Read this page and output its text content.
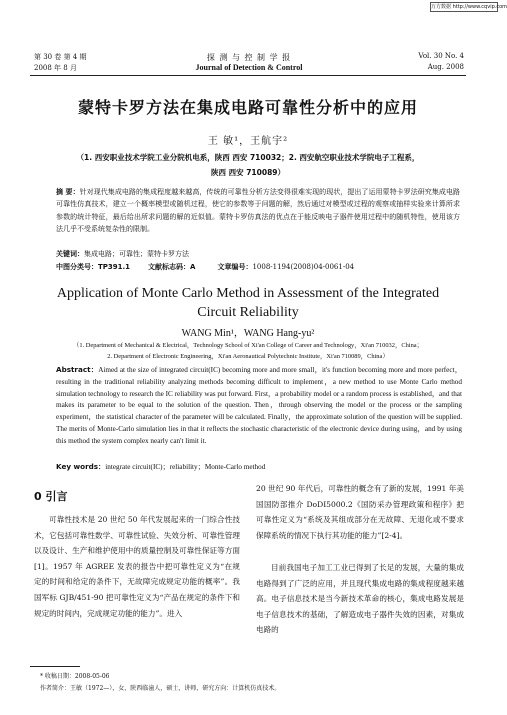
万方数据 http://www.cqvip.com
第 30 卷 第 4 期
2008 年 8 月
探 测 与 控 制 学 报
Journal of Detection & Control
Vol. 30 No. 4
Aug. 2008
蒙特卡罗方法在集成电路可靠性分析中的应用
王 敏¹，王航宇²
（1. 西安职业技术学院工业分院机电系，陕西 西安 710032；2. 西安航空职业技术学院电子工程系，
陕西 西安 710089）
摘 要：针对现代集成电路的集成程度越来越高，传统的可靠性分析方法变得很难实现的现状，提出了运用蒙特卡罗法研究集成电路可靠性仿真技术，建立一个概率模型或随机过程，使它的参数等于问题的解，然后通过对模型或过程的观察或抽样实验来计算所求参数的统计特征，最后给出所求问题的解的近似值。蒙特卡罗仿真法的优点在于能反映电子器件使用过程中的随机特性，使用该方法几乎不受系统复杂性的限制。
关键词：集成电路；可靠性；蒙特卡罗方法
中图分类号：TP391.1	文献标志码：A	文章编号：1008-1194(2008)04-0061-04
Application of Monte Carlo Method in Assessment of the Integrated
Circuit Reliability
WANG Min¹，WANG Hang-yu²
（1. Department of Mechanical & Electrical，Technology School of Xi'an College of Career and Technology，Xi'an 710032，China；
2. Department of Electronic Engineering，Xi'an Aeronautical Polytechnic Institute，Xi'an 710089，China）
Abstract：Aimed at the size of integrated circuit(IC) becoming more and more small，it's function becoming more and more perfect，resulting in the traditional reliability analyzing methods becoming difficult to implement，a new method to use Monte Carlo method simulation technology to research the IC reliability was put forward. First，a probability model or a random process is established，and that makes its parameter to be equal to the solution of the question. Then，through observing the model or the process or the sampling experiment，the statistical character of the parameter will be calculated. Finally，the approximate solution of the question will be supplied. The merits of Monte-Carlo simulation lies in that it reflects the stochastic characteristic of the electronic device during using，and by using this method the system complex nearly can't limit it.
Key words：integrate circuit(IC)；reliability；Monte-Carlo method
0 引言
可靠性技术是 20 世纪 50 年代发展起来的一门综合性技术，它包括可靠性数学、可靠性试验、失效分析、可靠性管理以及设计、生产和维护使用中的质量控制及可靠性保证等方面[1]。1957 年 AGREE 发表的报告中把可靠性定义为“在规定的时间和给定的条件下，无故障完成规定功能的概率”。我国军标 GJB/451-90 把可靠性定义为“产品在规定的条件下和规定的时间内，完成规定功能的能力”。进入
20 世纪 90 年代后，可靠性的概念有了新的发展，1991 年美国国防部推介 DoDI5000.2《国防采办管理政策和程序》把可靠性定义为“系统及其组成部分在无故障、无退化或不要求保障系统的情况下执行其功能的能力”[2-4]。
目前我国电子加工工业已得到了长足的发展，大量的集成电路得到了广泛的应用，并且现代集成电路的集成程度越来越高。电子信息技术是当今新技术革命的核心，集成电路发展是电子信息技术的基础，了解造成电子器件失效的因素，对集成电路的
* 收稿日期：2008-05-06
作者简介：王敏（1972—），女，陕西临潼人，硕士，讲师，研究方向：计算机仿真技术。
